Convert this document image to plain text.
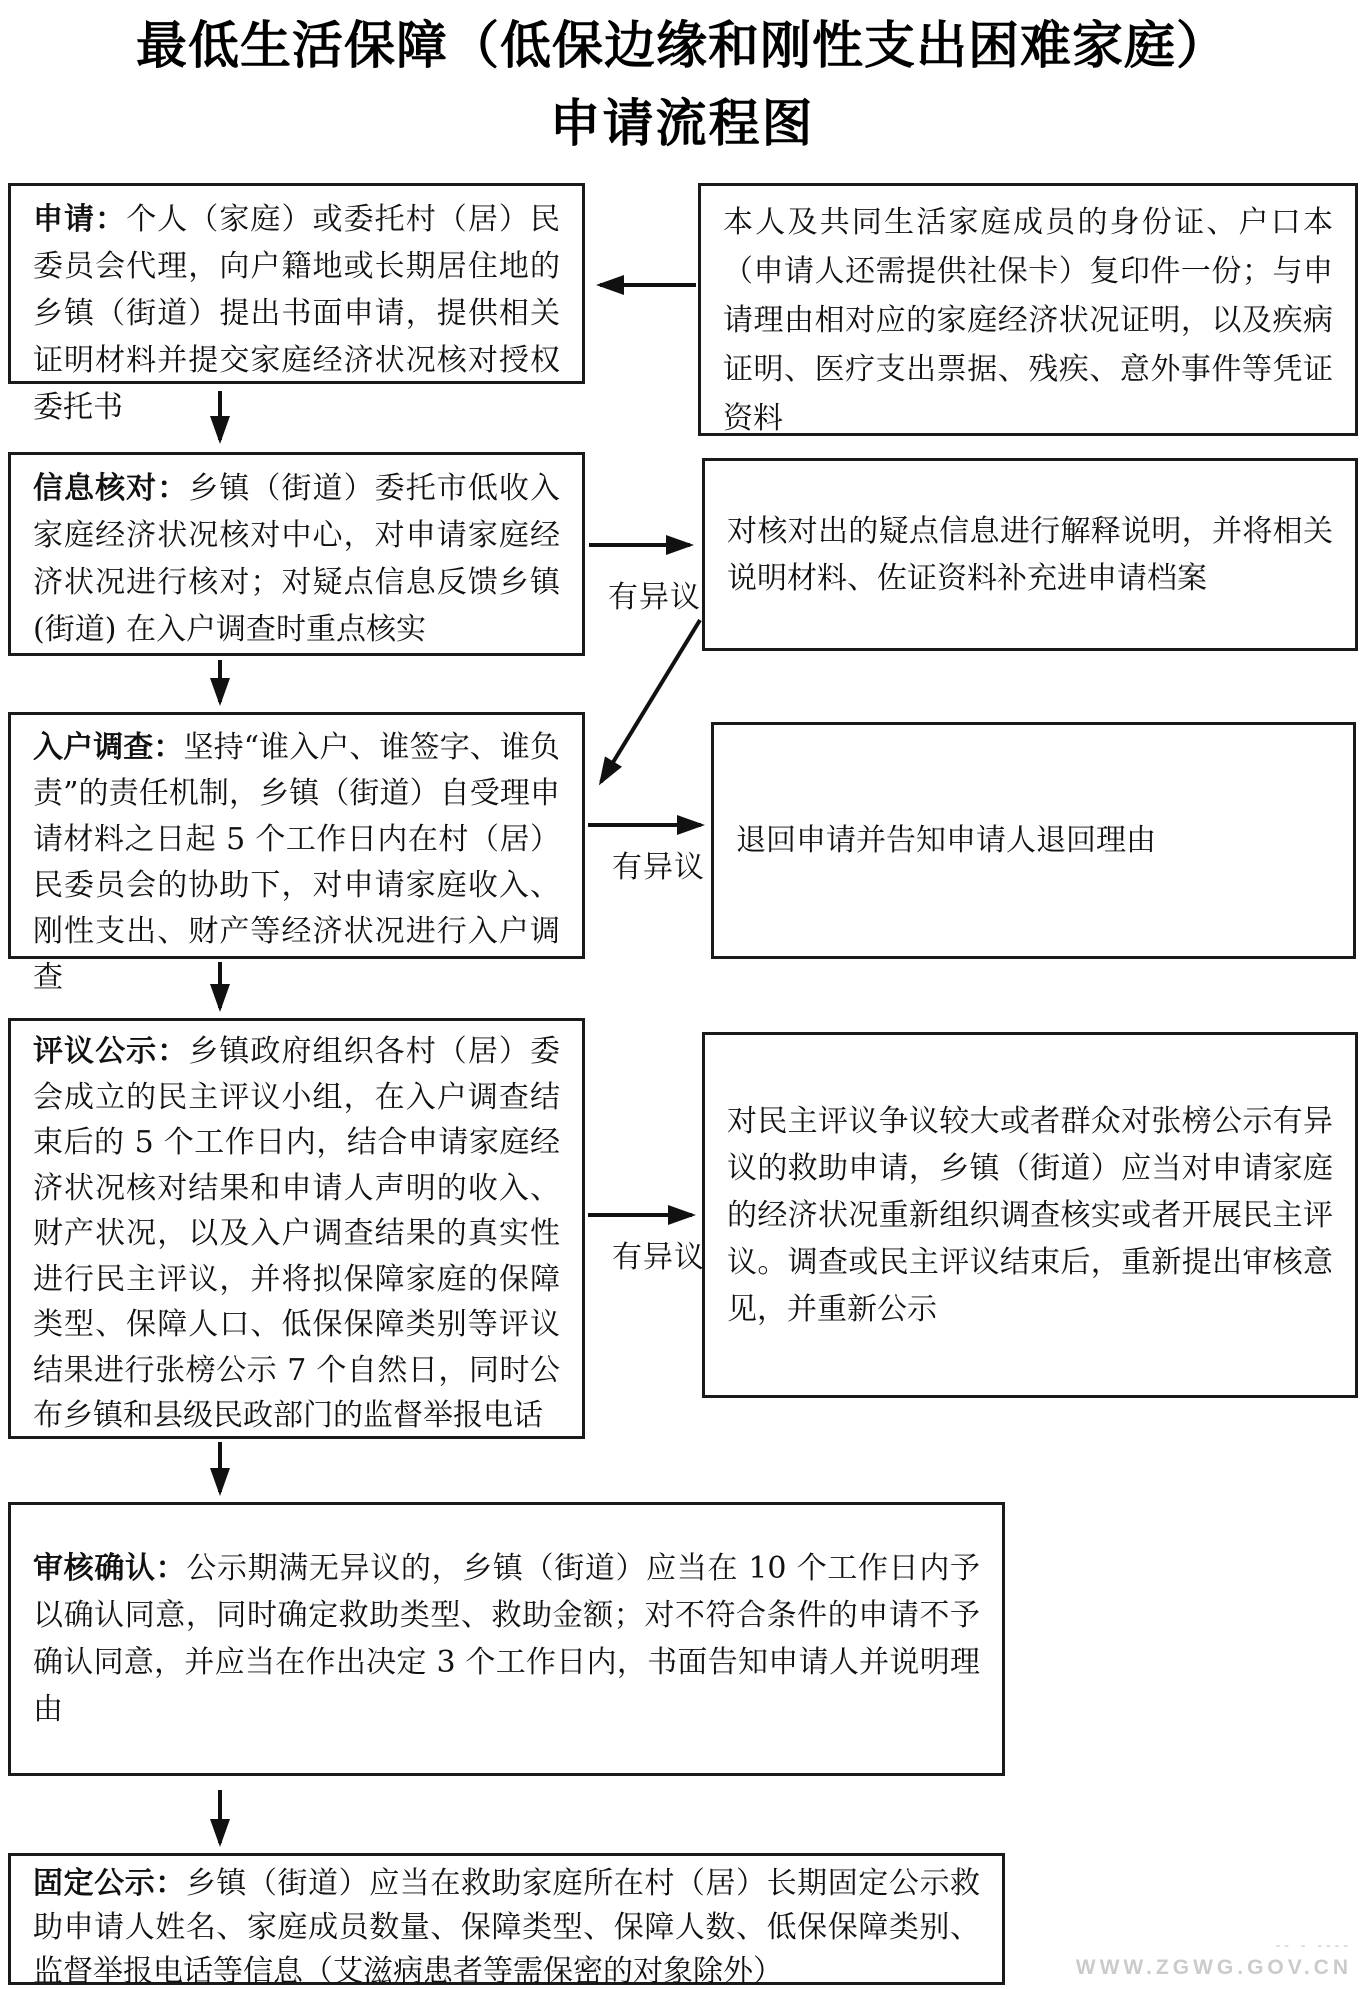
最低生活保障（低保边缘和刚性支出困难家庭）
申请流程图
申请：个人（家庭）或委托村（居）民委员会代理，向户籍地或长期居住地的乡镇（街道）提出书面申请，提供相关证明材料并提交家庭经济状况核对授权委托书
信息核对：乡镇（街道）委托市低收入家庭经济状况核对中心，对申请家庭经济状况进行核对；对疑点信息反馈乡镇 (街道) 在入户调查时重点核实
入户调查：坚持“谁入户、谁签字、谁负责”的责任机制，乡镇（街道）自受理申请材料之日起 5 个工作日内在村（居）民委员会的协助下，对申请家庭收入、刚性支出、财产等经济状况进行入户调查
评议公示：乡镇政府组织各村（居）委会成立的民主评议小组，在入户调查结束后的 5 个工作日内，结合申请家庭经济状况核对结果和申请人声明的收入、财产状况，以及入户调查结果的真实性进行民主评议，并将拟保障家庭的保障类型、保障人口、低保保障类别等评议结果进行张榜公示 7 个自然日，同时公布乡镇和县级民政部门的监督举报电话
审核确认：公示期满无异议的，乡镇（街道）应当在 10 个工作日内予以确认同意，同时确定救助类型、救助金额；对不符合条件的申请不予确认同意，并应当在作出决定 3 个工作日内，书面告知申请人并说明理由
固定公示：乡镇（街道）应当在救助家庭所在村（居）长期固定公示救助申请人姓名、家庭成员数量、保障类型、保障人数、低保保障类别、监督举报电话等信息（艾滋病患者等需保密的对象除外）
本人及共同生活家庭成员的身份证、户口本（申请人还需提供社保卡）复印件一份；与申请理由相对应的家庭经济状况证明，以及疾病证明、医疗支出票据、残疾、意外事件等凭证资料
对核对出的疑点信息进行解释说明，并将相关说明材料、佐证资料补充进申请档案
退回申请并告知申请人退回理由
对民主评议争议较大或者群众对张榜公示有异议的救助申请，乡镇（街道）应当对申请家庭的经济状况重新组织调查核实或者开展民主评议。调查或民主评议结束后，重新提出审核意见，并重新公示
有异议
有异议
有异议
‐‐ ‐ ‐‐‐‐
WWW.ZGWG.GOV.CN
